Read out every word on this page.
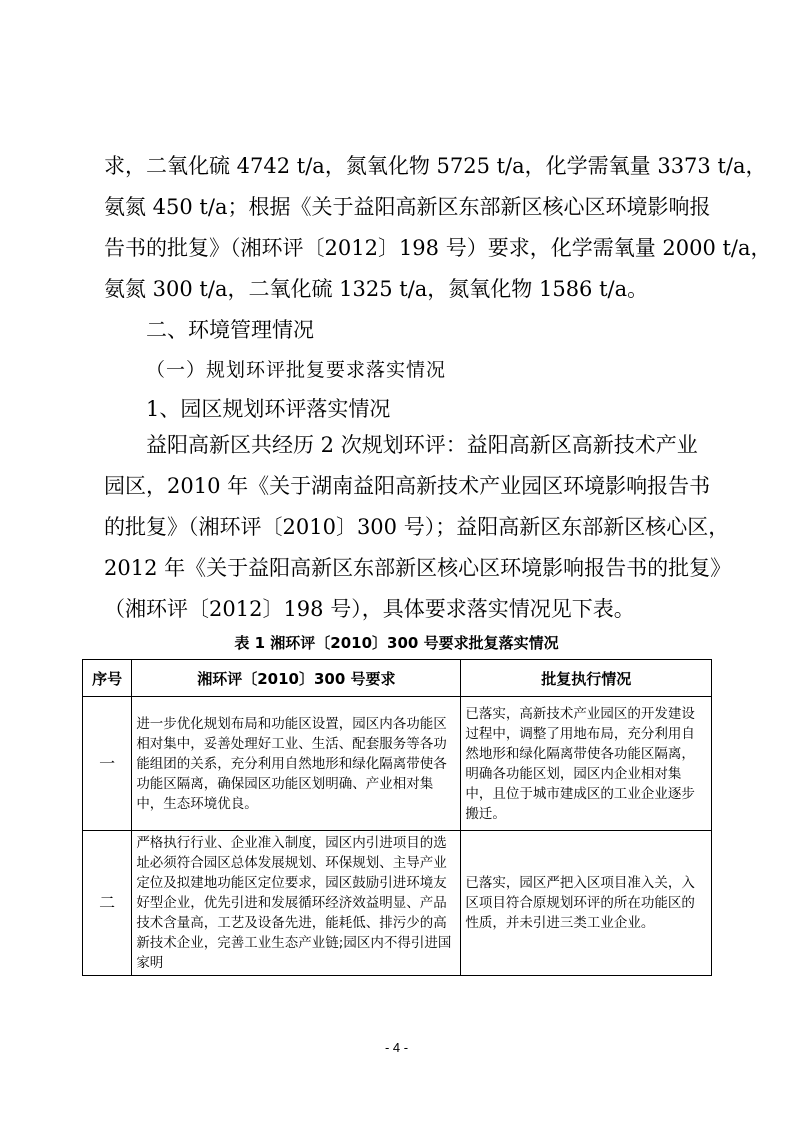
求，二氧化硫 4742 t/a，氮氧化物 5725 t/a，化学需氧量 3373 t/a，
氨氮 450 t/a；根据《关于益阳高新区东部新区核心区环境影响报
告书的批复》（湘环评〔2012〕198 号）要求，化学需氧量 2000 t/a，
氨氮 300 t/a，二氧化硫 1325 t/a，氮氧化物 1586 t/a。

二、环境管理情况

（一）规划环评批复要求落实情况

1、园区规划环评落实情况

益阳高新区共经历 2 次规划环评：益阳高新区高新技术产业
园区，2010 年《关于湖南益阳高新技术产业园区环境影响报告书
的批复》（湘环评〔2010〕300 号）；益阳高新区东部新区核心区，
2012 年《关于益阳高新区东部新区核心区环境影响报告书的批复》
（湘环评〔2012〕198 号），具体要求落实情况见下表。

表 1 湘环评〔2010〕300 号要求批复落实情况

序号	湘环评〔2010〕300 号要求	批复执行情况
一	进一步优化规划布局和功能区设置，园区内各功能区相对集中，妥善处理好工业、生活、配套服务等各功能组团的关系，充分利用自然地形和绿化隔离带使各功能区隔离，确保园区功能区划明确、产业相对集中，生态环境优良。	已落实，高新技术产业园区的开发建设过程中，调整了用地布局，充分利用自然地形和绿化隔离带使各功能区隔离，明确各功能区划，园区内企业相对集中，且位于城市建成区的工业企业逐步搬迁。
二	严格执行行业、企业准入制度，园区内引进项目的选址必须符合园区总体发展规划、环保规划、主导产业定位及拟建地功能区定位要求，园区鼓励引进环境友好型企业，优先引进和发展循环经济效益明显、产品技术含量高，工艺及设备先进，能耗低、排污少的高新技术企业，完善工业生态产业链;园区内不得引进国家明	已落实，园区严把入区项目准入关，入区项目符合原规划环评的所在功能区的性质，并未引进三类工业企业。

- 4 -
